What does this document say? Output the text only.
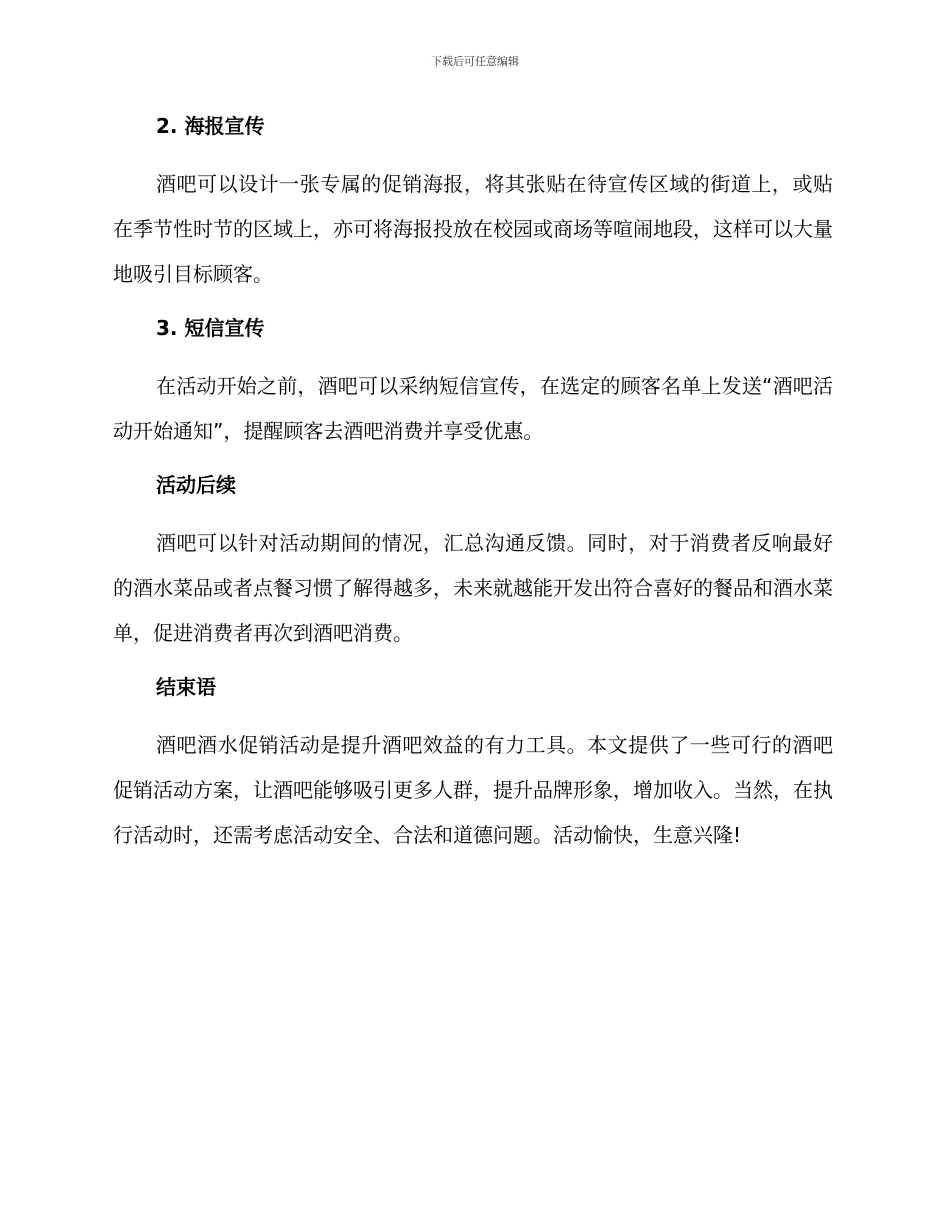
下载后可任意编辑
2. 海报宣传
酒吧可以设计一张专属的促销海报，将其张贴在待宣传区域的街道上，或贴在季节性时节的区域上，亦可将海报投放在校园或商场等喧闹地段，这样可以大量地吸引目标顾客。
3. 短信宣传
在活动开始之前，酒吧可以采纳短信宣传，在选定的顾客名单上发送“酒吧活动开始通知”，提醒顾客去酒吧消费并享受优惠。
活动后续
酒吧可以针对活动期间的情况，汇总沟通反馈。同时，对于消费者反响最好的酒水菜品或者点餐习惯了解得越多，未来就越能开发出符合喜好的餐品和酒水菜单，促进消费者再次到酒吧消费。
结束语
酒吧酒水促销活动是提升酒吧效益的有力工具。本文提供了一些可行的酒吧促销活动方案，让酒吧能够吸引更多人群，提升品牌形象，增加收入。当然，在执行活动时，还需考虑活动安全、合法和道德问题。活动愉快，生意兴隆!
